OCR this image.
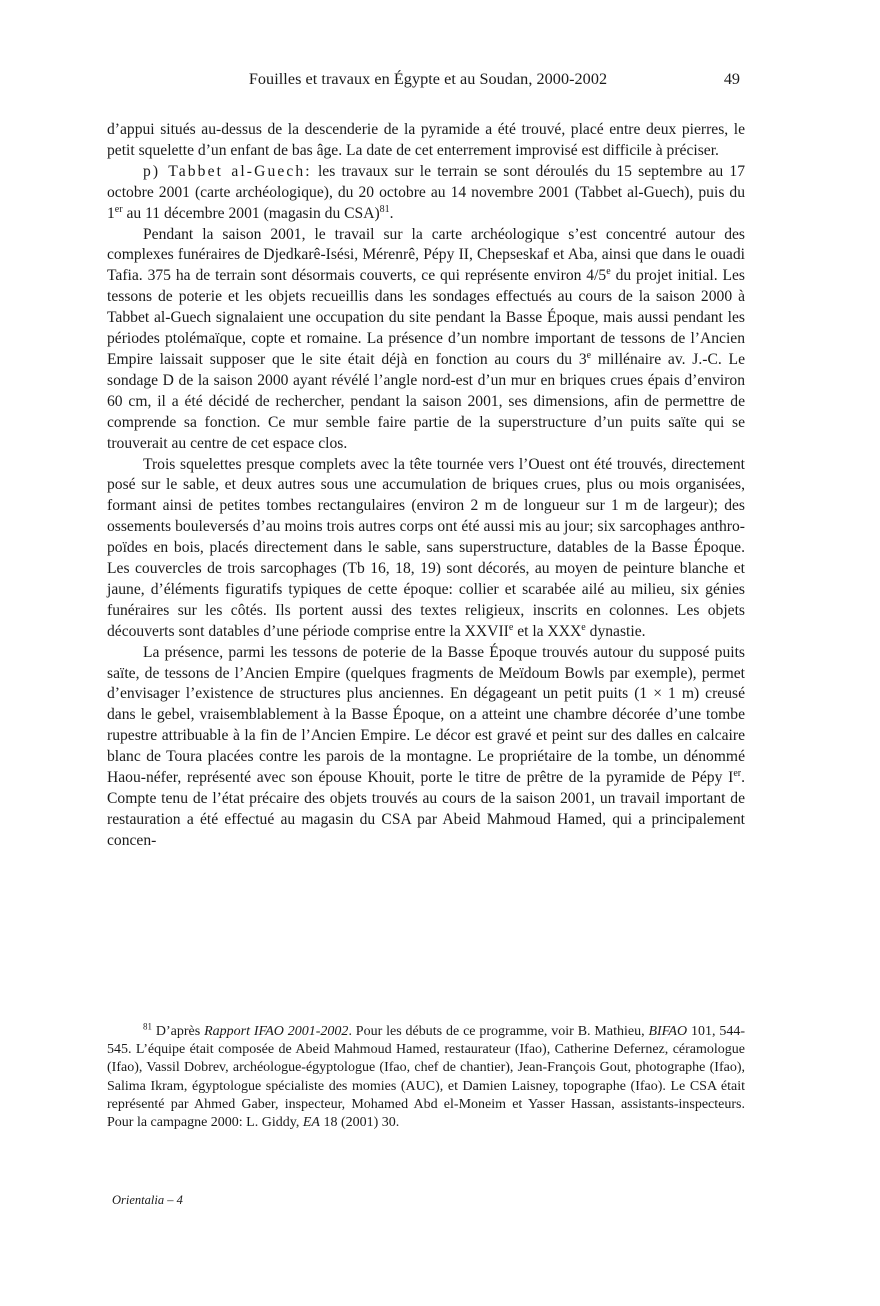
Fouilles et travaux en Égypte et au Soudan, 2000-2002	49

d’appui situés au-dessus de la descenderie de la pyramide a été trouvé, placé entre deux pierres, le petit squelette d’un enfant de bas âge. La date de cet enterrement improvisé est difficile à préciser.

p) Tabbet al-Guech: les travaux sur le terrain se sont déroulés du 15 septembre au 17 octobre 2001 (carte archéologique), du 20 octobre au 14 novembre 2001 (Tabbet al-Guech), puis du 1er au 11 décembre 2001 (magasin du CSA)$^{81}$.

Pendant la saison 2001, le travail sur la carte archéologique s’est concentré autour des complexes funéraires de Djedkarê-Isési, Mérenrê, Pépy II, Chepseskaf et Aba, ainsi que dans le ouadi Tafia. 375 ha de terrain sont désormais couverts, ce qui représente environ 4/5e du projet initial. Les tessons de poterie et les objets recueillis dans les sondages effectués au cours de la saison 2000 à Tabbet al-Guech signalaient une occupation du site pendant la Basse Époque, mais aussi pendant les périodes ptolémaïque, copte et romaine. La présence d’un nombre important de tessons de l’Ancien Empire laissait supposer que le site était déjà en fonction au cours du 3e millénaire av. J.-C. Le sondage D de la saison 2000 ayant révélé l’angle nord-est d’un mur en briques crues épais d’environ 60 cm, il a été décidé de rechercher, pendant la saison 2001, ses dimensions, afin de permettre de comprende sa fonction. Ce mur semble faire partie de la superstructure d’un puits saïte qui se trouverait au centre de cet espace clos.

Trois squelettes presque complets avec la tête tournée vers l’Ouest ont été trouvés, directement posé sur le sable, et deux autres sous une accumulation de briques crues, plus ou mois organisées, formant ainsi de petites tombes rectangulaires (environ 2 m de longueur sur 1 m de largeur); des ossements bouleversés d’au moins trois autres corps ont été aussi mis au jour; six sarcophages anthropoïdes en bois, placés directement dans le sable, sans superstructure, datables de la Basse Époque. Les couvercles de trois sarcophages (Tb 16, 18, 19) sont décorés, au moyen de peinture blanche et jaune, d’éléments figuratifs typiques de cette époque: collier et scarabée ailé au milieu, six génies funéraires sur les côtés. Ils portent aussi des textes religieux, inscrits en colonnes. Les objets découverts sont datables d’une période comprise entre la XXVIIe et la XXXe dynastie.

La présence, parmi les tessons de poterie de la Basse Époque trouvés autour du supposé puits saïte, de tessons de l’Ancien Empire (quelques fragments de Meïdoum Bowls par exemple), permet d’envisager l’existence de structures plus anciennes. En dégageant un petit puits (1 × 1 m) creusé dans le gebel, vraisemblablement à la Basse Époque, on a atteint une chambre décorée d’une tombe rupestre attribuable à la fin de l’Ancien Empire. Le décor est gravé et peint sur des dalles en calcaire blanc de Toura placées contre les parois de la montagne. Le propriétaire de la tombe, un dénommé Haou-néfer, représenté avec son épouse Khouit, porte le titre de prêtre de la pyramide de Pépy Ier. Compte tenu de l’état précaire des objets trouvés au cours de la saison 2001, un travail important de restauration a été effectué au magasin du CSA par Abeid Mahmoud Hamed, qui a principalement concen-

$^{81}$ D’après Rapport IFAO 2001-2002. Pour les débuts de ce programme, voir B. Mathieu, BIFAO 101, 544-545. L’équipe était composée de Abeid Mahmoud Hamed, restaurateur (Ifao), Catherine Defernez, céramologue (Ifao), Vassil Dobrev, archéologue-égyptologue (Ifao, chef de chantier), Jean-François Gout, photographe (Ifao), Salima Ikram, égyptologue spécialiste des momies (AUC), et Damien Laisney, topographe (Ifao). Le CSA était représenté par Ahmed Gaber, inspecteur, Mohamed Abd el-Moneim et Yasser Hassan, assistants-inspecteurs. Pour la campagne 2000: L. Giddy, EA 18 (2001) 30.

Orientalia – 4
